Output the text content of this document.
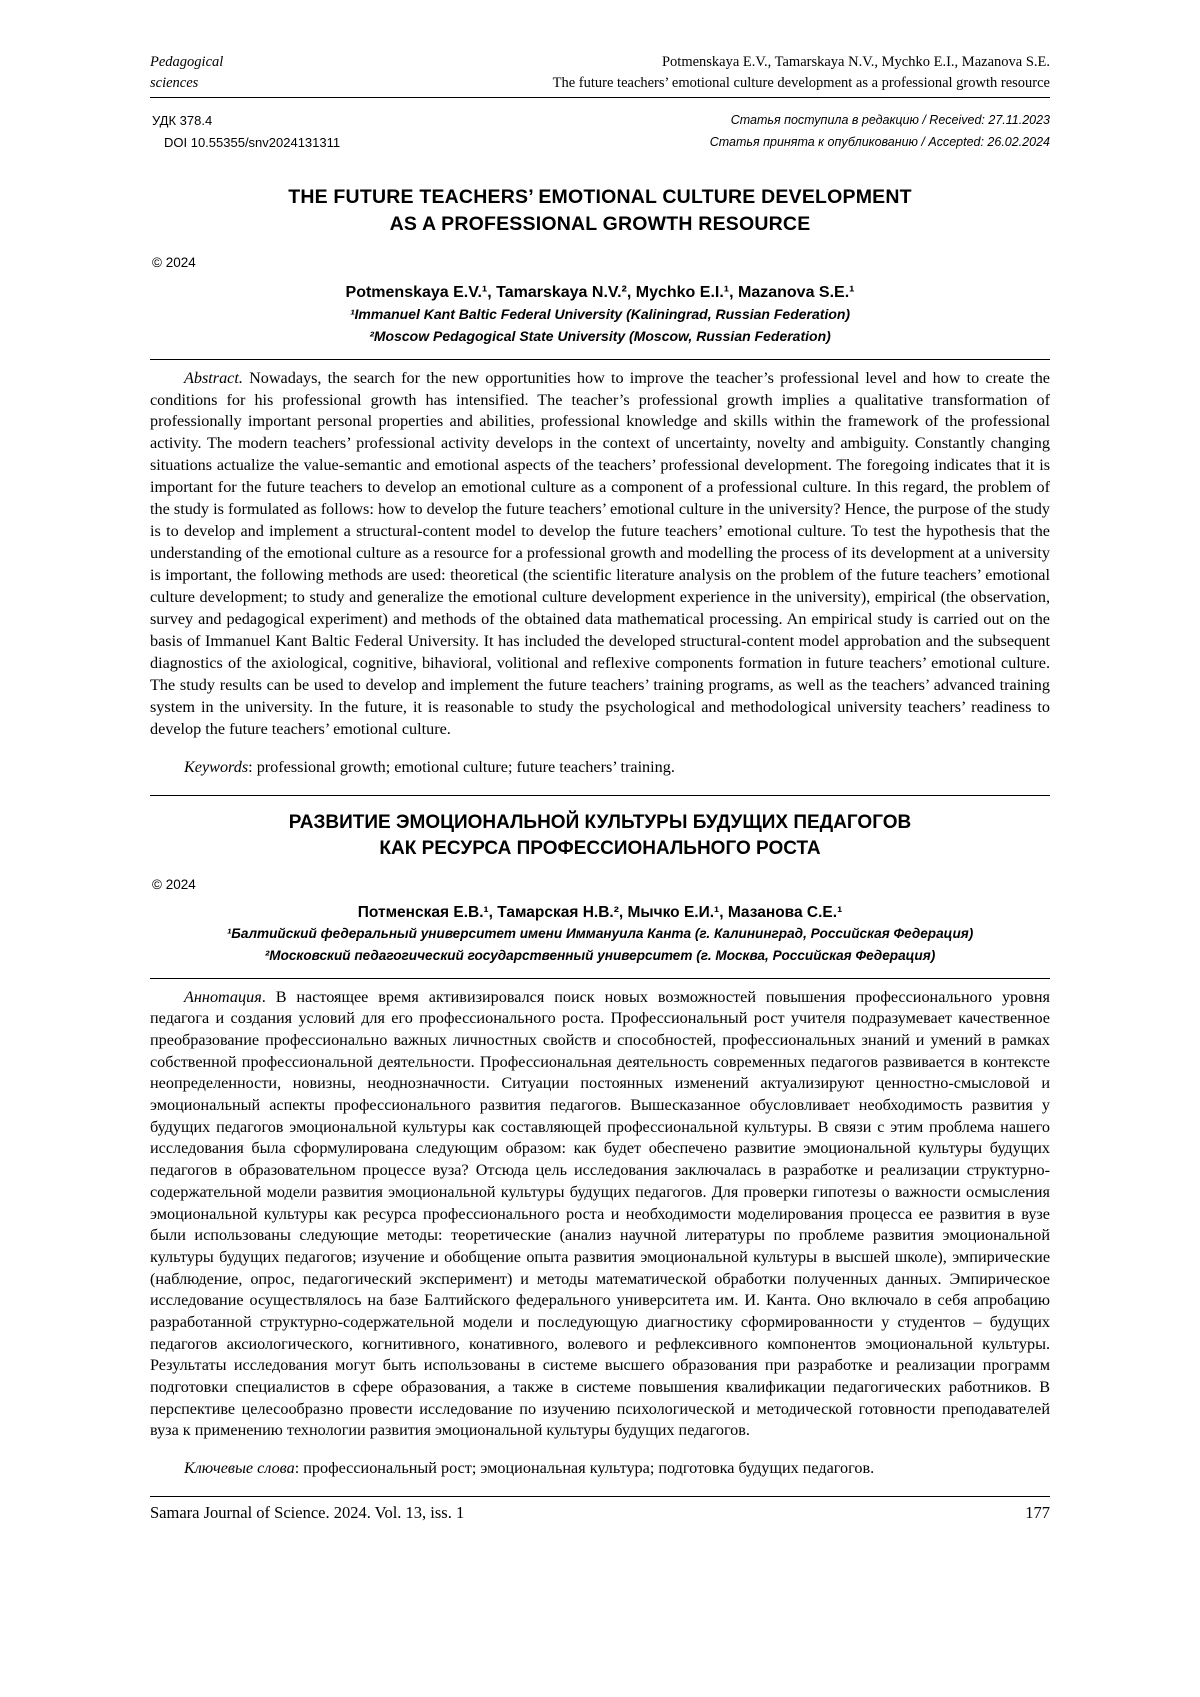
Pedagogical
sciences
Potmenskaya E.V., Tamarskaya N.V., Mychko E.I., Mazanova S.E.
The future teachers’ emotional culture development as a professional growth resource
УДК 378.4
DOI 10.55355/snv2024131311
Статья поступила в редакцию / Received: 27.11.2023
Статья принята к опубликованию / Accepted: 26.02.2024
THE FUTURE TEACHERS’ EMOTIONAL CULTURE DEVELOPMENT
AS A PROFESSIONAL GROWTH RESOURCE
© 2024
Potmenskaya E.V.¹, Tamarskaya N.V.², Mychko E.I.¹, Mazanova S.E.¹
¹Immanuel Kant Baltic Federal University (Kaliningrad, Russian Federation)
²Moscow Pedagogical State University (Moscow, Russian Federation)

Abstract. Nowadays, the search for the new opportunities how to improve the teacher’s professional level and how to create the conditions for his professional growth has intensified. The teacher’s professional growth implies a qualitative transformation of professionally important personal properties and abilities, professional knowledge and skills within the framework of the professional activity. The modern teachers’ professional activity develops in the context of uncertainty, novelty and ambiguity. Constantly changing situations actualize the value-semantic and emotional aspects of the teachers’ professional development. The foregoing indicates that it is important for the future teachers to develop an emotional culture as a component of a professional culture. In this regard, the problem of the study is formulated as follows: how to develop the future teachers’ emotional culture in the university? Hence, the purpose of the study is to develop and implement a structural-content model to develop the future teachers’ emotional culture. To test the hypothesis that the understanding of the emotional culture as a resource for a professional growth and modelling the process of its development at a university is important, the following methods are used: theoretical (the scientific literature analysis on the problem of the future teachers’ emotional culture development; to study and generalize the emotional culture development experience in the university), empirical (the observation, survey and pedagogical experiment) and methods of the obtained data mathematical processing. An empirical study is carried out on the basis of Immanuel Kant Baltic Federal University. It has included the developed structural-content model approbation and the subsequent diagnostics of the axiological, cognitive, bihavioral, volitional and reflexive components formation in future teachers’ emotional culture. The study results can be used to develop and implement the future teachers’ training programs, as well as the teachers’ advanced training system in the university. In the future, it is reasonable to study the psychological and methodological university teachers’ readiness to develop the future teachers’ emotional culture.

Keywords: professional growth; emotional culture; future teachers’ training.

РАЗВИТИЕ ЭМОЦИОНАЛЬНОЙ КУЛЬТУРЫ БУДУЩИХ ПЕДАГОГОВ
КАК РЕСУРСА ПРОФЕССИОНАЛЬНОГО РОСТА
© 2024
Потменская Е.В.¹, Тамарская Н.В.², Мычко Е.И.¹, Мазанова С.Е.¹
¹Балтийский федеральный университет имени Иммануила Канта (г. Калининград, Российская Федерация)
²Московский педагогический государственный университет (г. Москва, Российская Федерация)

Аннотация. В настоящее время активизировался поиск новых возможностей повышения профессионального уровня педагога и создания условий для его профессионального роста. Профессиональный рост учителя подразумевает качественное преобразование профессионально важных личностных свойств и способностей, профессиональных знаний и умений в рамках собственной профессиональной деятельности. Профессиональная деятельность современных педагогов развивается в контексте неопределенности, новизны, неоднозначности. Ситуации постоянных изменений актуализируют ценностно-смысловой и эмоциональный аспекты профессионального развития педагогов. Вышесказанное обусловливает необходимость развития у будущих педагогов эмоциональной культуры как составляющей профессиональной культуры. В связи с этим проблема нашего исследования была сформулирована следующим образом: как будет обеспечено развитие эмоциональной культуры будущих педагогов в образовательном процессе вуза? Отсюда цель исследования заключалась в разработке и реализации структурно-содержательной модели развития эмоциональной культуры будущих педагогов. Для проверки гипотезы о важности осмысления эмоциональной культуры как ресурса профессионального роста и необходимости моделирования процесса ее развития в вузе были использованы следующие методы: теоретические (анализ научной литературы по проблеме развития эмоциональной культуры будущих педагогов; изучение и обобщение опыта развития эмоциональной культуры в высшей школе), эмпирические (наблюдение, опрос, педагогический эксперимент) и методы математической обработки полученных данных. Эмпирическое исследование осуществлялось на базе Балтийского федерального университета им. И. Канта. Оно включало в себя апробацию разработанной структурно-содержательной модели и последующую диагностику сформированности у студентов – будущих педагогов аксиологического, когнитивного, конативного, волевого и рефлексивного компонентов эмоциональной культуры. Результаты исследования могут быть использованы в системе высшего образования при разработке и реализации программ подготовки специалистов в сфере образования, а также в системе повышения квалификации педагогических работников. В перспективе целесообразно провести исследование по изучению психологической и методической готовности преподавателей вуза к применению технологии развития эмоциональной культуры будущих педагогов.

Ключевые слова: профессиональный рост; эмоциональная культура; подготовка будущих педагогов.

Samara Journal of Science. 2024. Vol. 13, iss. 1	177
